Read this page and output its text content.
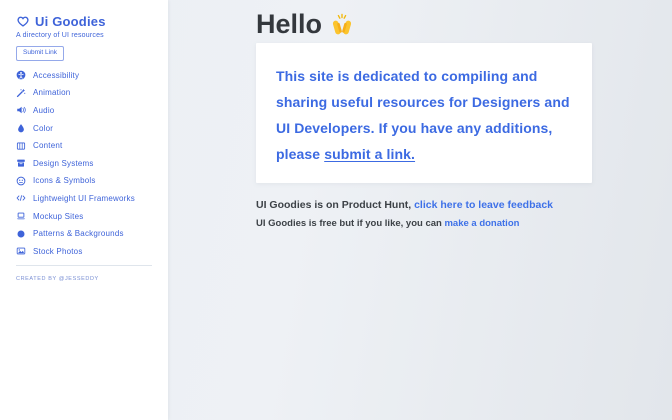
Ui Goodies
A directory of UI resources
Submit Link
Accessibility
Animation
Audio
Color
Content
Design Systems
Icons & Symbols
Lightweight UI Frameworks
Mockup Sites
Patterns & Backgrounds
Stock Photos
CREATED BY @JESSEDDY
Hello

This site is dedicated to compiling and sharing useful resources for Designers and UI Developers. If you have any additions, please submit a link.

UI Goodies is on Product Hunt, click here to leave feedback

UI Goodies is free but if you like, you can make a donation
